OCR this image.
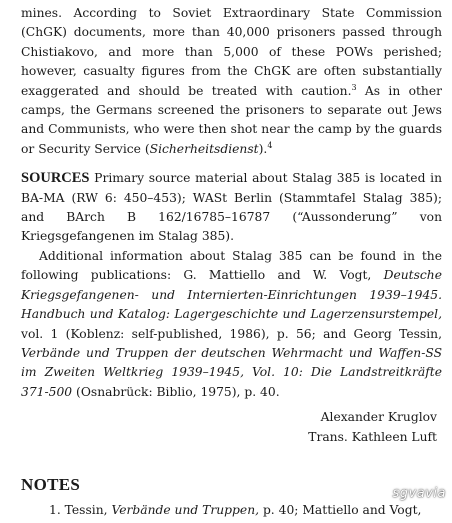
mines. According to Soviet Extraordinary State Commission (ChGK) documents, more than 40,000 prisoners passed through Chistiakovo, and more than 5,000 of these POWs perished; however, casualty figures from the ChGK are often substantially exaggerated and should be treated with caution.$^3$ As in other camps, the Germans screened the prisoners to separate out Jews and Communists, who were then shot near the camp by the guards or Security Service (Sicherheitsdienst).$^4$

SOURCES Primary source material about Stalag 385 is located in BA-MA (RW 6: 450–453); WASt Berlin (Stammtafel Stalag 385); and BArch B 162/16785–16787 (“Aussonderung” von Kriegsgefangenen im Stalag 385).

Additional information about Stalag 385 can be found in the following publications: G. Mattiello and W. Vogt, Deutsche Kriegsgefangenen- und Internierten-Einrichtungen 1939–1945. Handbuch und Katalog: Lagergeschichte und Lagerzensurstempel, vol. 1 (Koblenz: self-published, 1986), p. 56; and Georg Tessin, Verbände und Truppen der deutschen Wehrmacht und Waffen-SS im Zweiten Weltkrieg 1939–1945, Vol. 10: Die Landstreitkräfte 371-500 (Osnabrück: Biblio, 1975), p. 40.

Alexander Kruglov
Trans. Kathleen Luft
NOTES
1. Tessin, Verbände und Truppen, p. 40; Mattiello and Vogt,
sgvavia
